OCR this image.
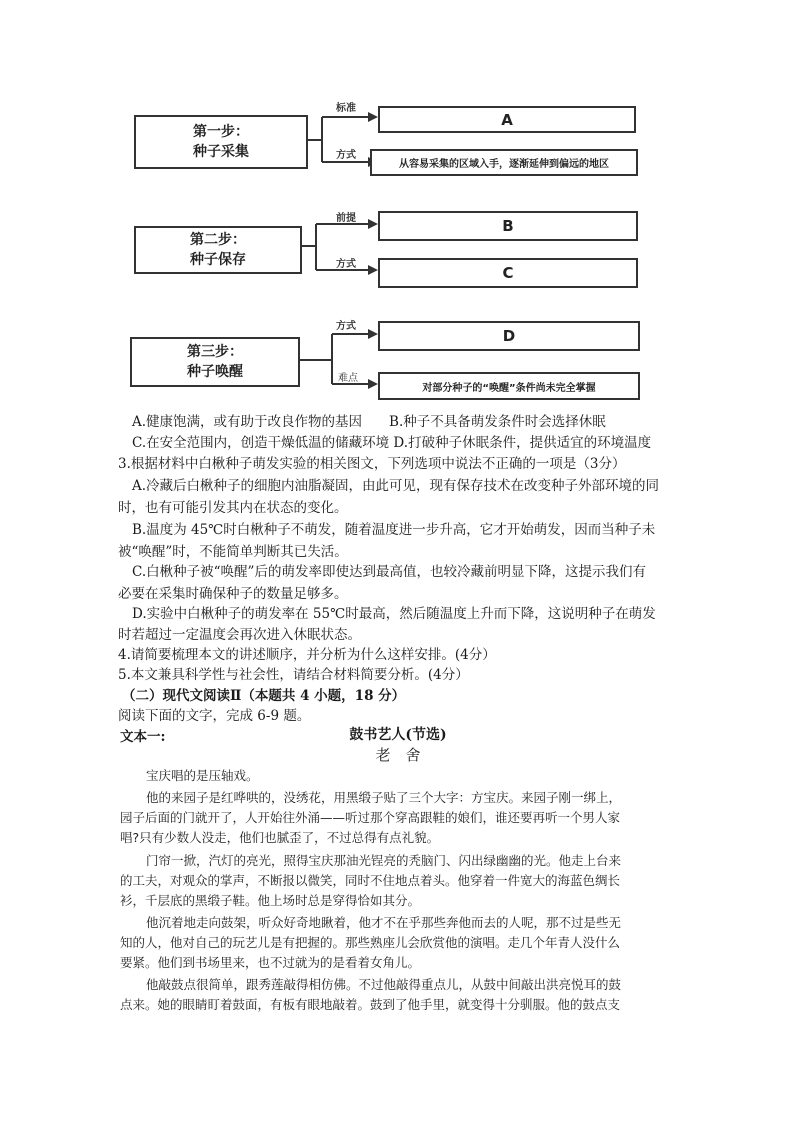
第一步：
种子采集
标准
方式
A
从容易采集的区域入手，逐渐延伸到偏远的地区
第二步：
种子保存
前提
方式
B
C
第三步：
种子唤醒
方式
难点
D
对部分种子的“唤醒”条件尚未完全掌握
A.健康饱满，或有助于改良作物的基因　　B.种子不具备萌发条件时会选择休眠
C.在安全范围内，创造干燥低温的储藏环境 D.打破种子休眠条件，提供适宜的环境温度
3.根据材料中白楸种子萌发实验的相关图文，下列选项中说法不正确的一项是（3分）
A.冷藏后白楸种子的细胞内油脂凝固，由此可见，现有保存技术在改变种子外部环境的同
时，也有可能引发其内在状态的变化。
B.温度为 45℃时白楸种子不萌发，随着温度进一步升高，它才开始萌发，因而当种子未
被“唤醒”时，不能简单判断其已失活。
C.白楸种子被“唤醒”后的萌发率即使达到最高值，也较冷藏前明显下降，这提示我们有
必要在采集时确保种子的数量足够多。
D.实验中白楸种子的萌发率在 55℃时最高，然后随温度上升而下降，这说明种子在萌发
时若超过一定温度会再次进入休眠状态。
4.请简要梳理本文的讲述顺序，并分析为什么这样安排。(4分）
5.本文兼具科学性与社会性，请结合材料简要分析。(4分）
（二）现代文阅读Ⅱ（本题共 4 小题，18 分）
阅读下面的文字，完成 6-9 题。
文本一:	鼓书艺人(节选)
老　舍
宝庆唱的是压轴戏。
他的来园子是红哗哄的，没绣花，用黑缎子贴了三个大字：方宝庆。来园子刚一绑上，
园子后面的门就开了，人开始往外涌——听过那个穿高跟鞋的娘们，谁还要再听一个男人家
唱?只有少数人没走，他们也腻歪了，不过总得有点礼貌。
门帘一掀，汽灯的亮光，照得宝庆那油光锃亮的秃脑门、闪出绿幽幽的光。他走上台来
的工夫，对观众的掌声，不断报以微笑，同时不住地点着头。他穿着一件宽大的海蓝色绸长
衫，千层底的黑缎子鞋。他上场时总是穿得恰如其分。
他沉着地走向鼓架，听众好奇地瞅着，他才不在乎那些奔他而去的人呢，那不过是些无
知的人，他对自己的玩艺儿是有把握的。那些熟座儿会欣赏他的演唱。走几个年青人没什么
要紧。他们到书场里来，也不过就为的是看着女角儿。
他敲鼓点很简单，跟秀莲敲得相仿佛。不过他敲得重点儿，从鼓中间敲出洪亮悦耳的鼓
点来。她的眼睛盯着鼓面，有板有眼地敲着。鼓到了他手里，就变得十分驯服。他的鼓点支
